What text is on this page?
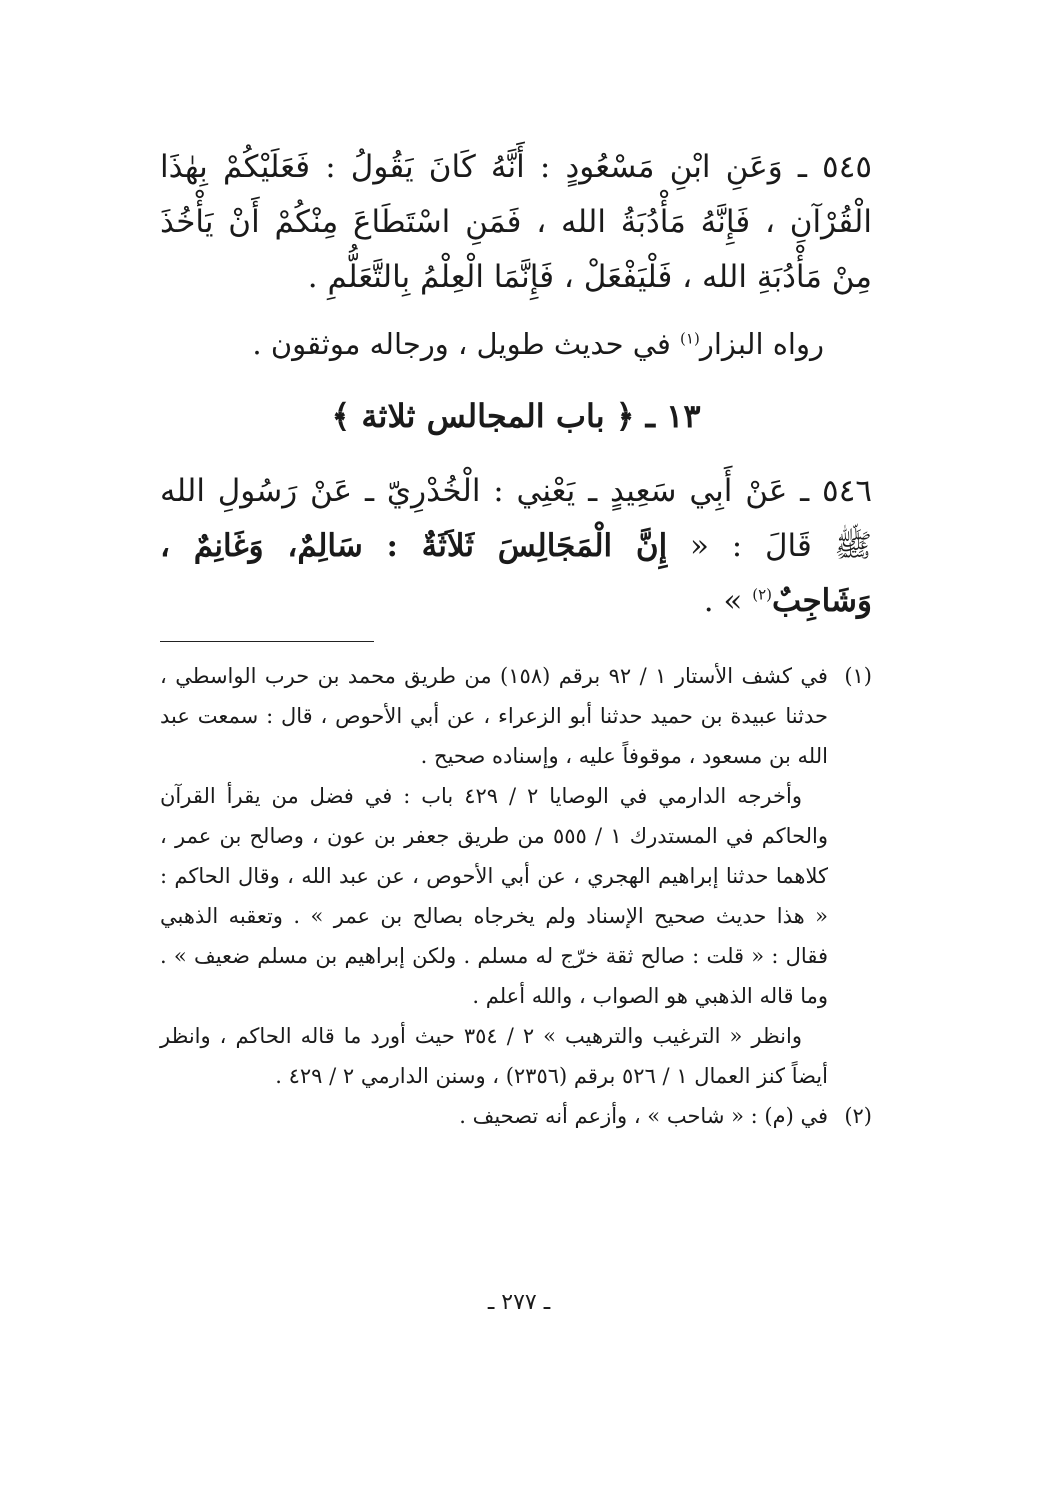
٥٤٥ ـ وَعَنِ ابْنِ مَسْعُودٍ : أَنَّهُ كَانَ يَقُولُ : فَعَلَيْكُمْ بِهٰذَا الْقُرْآنِ ، فَإِنَّهُ مَأْدُبَةُ الله ، فَمَنِ اسْتَطَاعَ مِنْكُمْ أَنْ يَأْخُذَ مِنْ مَأْدُبَةِ الله ، فَلْيَفْعَلْ ، فَإِنَّمَا الْعِلْمُ بِالتَّعَلُّمِ .

رواه البزار$^{(١)}$ في حديث طويل ، ورجاله موثقون .

١٣ ـ ﴿ باب المجالس ثلاثة ﴾

٥٤٦ ـ عَنْ أَبِي سَعِيدٍ ـ يَعْنِي : الْخُدْرِيّ ـ عَنْ رَسُولِ الله ﷺ قَالَ : « إِنَّ الْمَجَالِسَ ثَلاَثَةٌ : سَالِمٌ، وَغَانِمٌ ، وَشَاجِبٌ$^{(٢)}$ » .

(١)

في كشف الأستار ١ / ٩٢ برقم (١٥٨) من طريق محمد بن حرب الواسطي ، حدثنا عبيدة بن حميد حدثنا أبو الزعراء ، عن أبي الأحوص ، قال : سمعت عبد الله بن مسعود ، موقوفاً عليه ، وإسناده صحيح .

وأخرجه الدارمي في الوصايا ٢ / ٤٢٩ باب : في فضل من يقرأ القرآن والحاكم في المستدرك ١ / ٥٥٥ من طريق جعفر بن عون ، وصالح بن عمر ، كلاهما حدثنا إبراهيم الهجري ، عن أبي الأحوص ، عن عبد الله ، وقال الحاكم : « هذا حديث صحيح الإسناد ولم يخرجاه بصالح بن عمر » . وتعقبه الذهبي فقال : « قلت : صالح ثقة خرّج له مسلم . ولكن إبراهيم بن مسلم ضعيف » . وما قاله الذهبي هو الصواب ، والله أعلم .

وانظر « الترغيب والترهيب » ٢ / ٣٥٤ حيث أورد ما قاله الحاكم ، وانظر أيضاً كنز العمال ١ / ٥٢٦ برقم (٢٣٥٦) ، وسنن الدارمي ٢ / ٤٢٩ .

(٢)

في (م) : « شاحب » ، وأزعم أنه تصحيف .

ـ ٢٧٧ ـ
